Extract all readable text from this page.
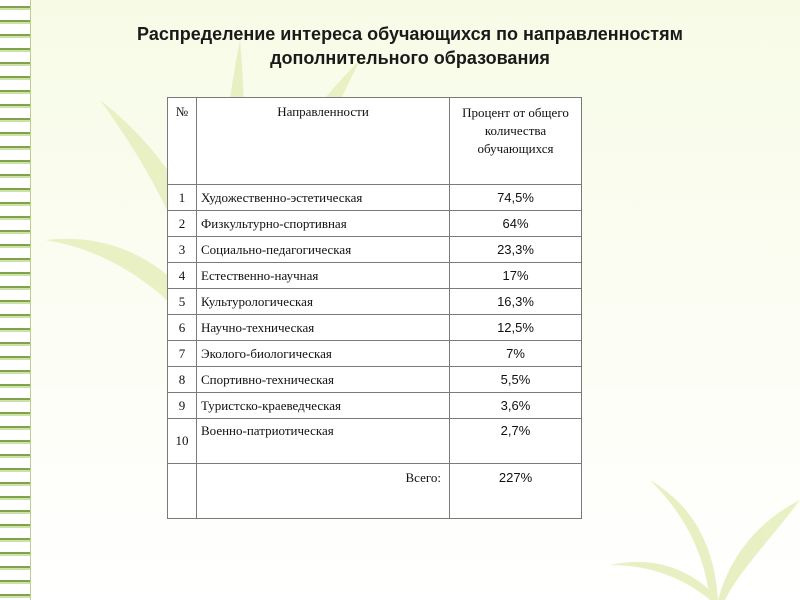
Распределение интереса обучающихся по направленностям
дополнительного образования
№	Направленности	Процент от общего количества обучающихся
1	Художественно-эстетическая	74,5%
2	Физкультурно-спортивная	64%
3	Социально-педагогическая	23,3%
4	Естественно-научная	17%
5	Культурологическая	16,3%
6	Научно-техническая	12,5%
7	Эколого-биологическая	7%
8	Спортивно-техническая	5,5%
9	Туристско-краеведческая	3,6%
10	Военно-патриотическая	2,7%
	Всего:	227%
